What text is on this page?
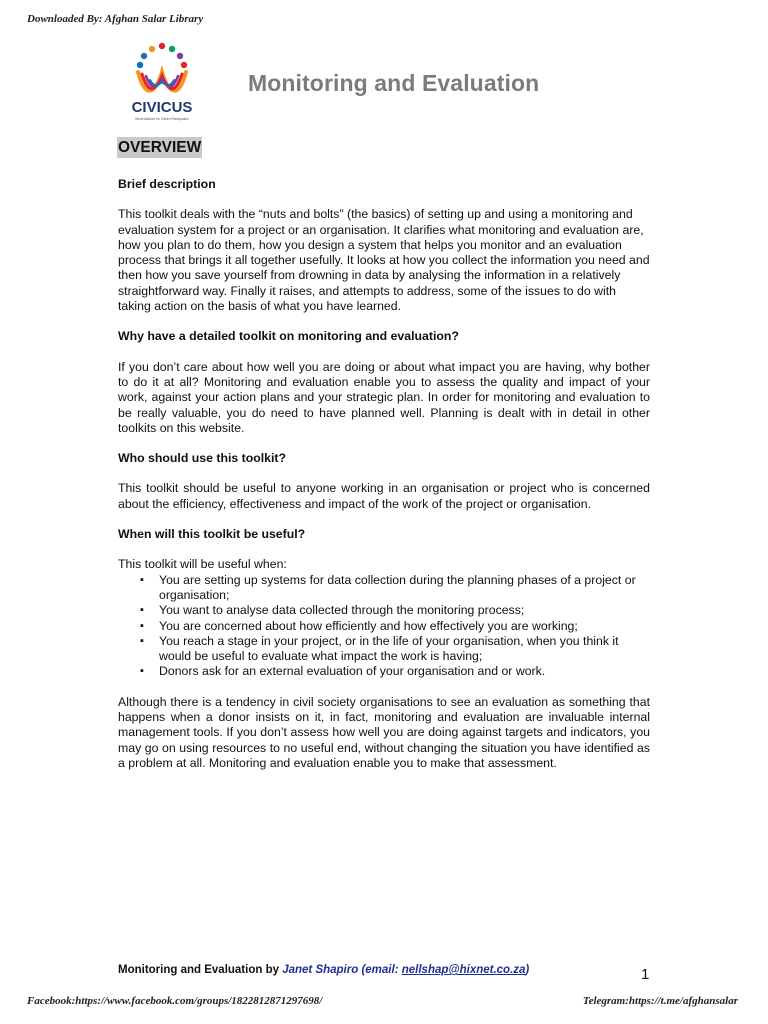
Downloaded By: Afghan Salar Library
CIVICUS
World Alliance for Citizen Participation
Monitoring and Evaluation
OVERVIEW
Brief description

This toolkit deals with the “nuts and bolts” (the basics) of setting up and using a monitoring and evaluation system for a project or an organisation. It clarifies what monitoring and evaluation are, how you plan to do them, how you design a system that helps you monitor and an evaluation process that brings it all together usefully. It looks at how you collect the information you need and then how you save yourself from drowning in data by analysing the information in a relatively straightforward way. Finally it raises, and attempts to address, some of the issues to do with taking action on the basis of what you have learned.

Why have a detailed toolkit on monitoring and evaluation?

If you don’t care about how well you are doing or about what impact you are having, why bother to do it at all? Monitoring and evaluation enable you to assess the quality and impact of your work, against your action plans and your strategic plan. In order for monitoring and evaluation to be really valuable, you do need to have planned well. Planning is dealt with in detail in other toolkits on this website.

Who should use this toolkit?

This toolkit should be useful to anyone working in an organisation or project who is concerned about the efficiency, effectiveness and impact of the work of the project or organisation.

When will this toolkit be useful?

This toolkit will be useful when:

▪ You are setting up systems for data collection during the planning phases of a project or organisation;
▪ You want to analyse data collected through the monitoring process;
▪ You are concerned about how efficiently and how effectively you are working;
▪ You reach a stage in your project, or in the life of your organisation, when you think it would be useful to evaluate what impact the work is having;
▪ Donors ask for an external evaluation of your organisation and or work.

Although there is a tendency in civil society organisations to see an evaluation as something that happens when a donor insists on it, in fact, monitoring and evaluation are invaluable internal management tools. If you don’t assess how well you are doing against targets and indicators, you may go on using resources to no useful end, without changing the situation you have identified as a problem at all. Monitoring and evaluation enable you to make that assessment.

Monitoring and Evaluation by Janet Shapiro (email: nellshap@hixnet.co.za)	1
Facebook:https://www.facebook.com/groups/1822812871297698/	Telegram:https://t.me/afghansalar
